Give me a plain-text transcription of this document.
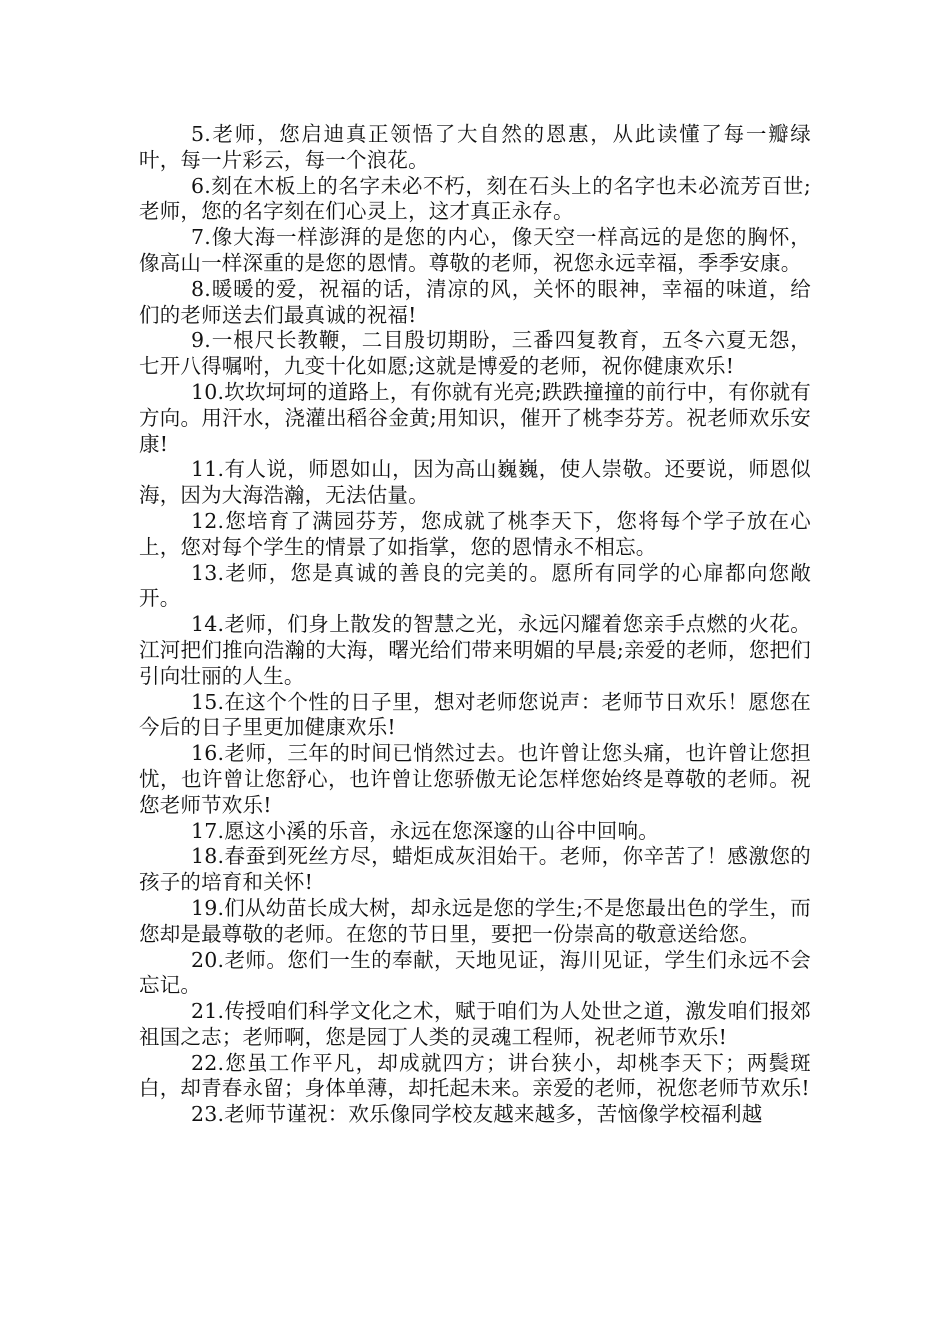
5.老师，您启迪真正领悟了大自然的恩惠，从此读懂了每一瓣绿叶，每一片彩云，每一个浪花。

6.刻在木板上的名字未必不朽，刻在石头上的名字也未必流芳百世;老师，您的名字刻在们心灵上，这才真正永存。

7.像大海一样澎湃的是您的内心，像天空一样高远的是您的胸怀，像高山一样深重的是您的恩情。尊敬的老师，祝您永远幸福，季季安康。

8.暖暖的爱，祝福的话，清凉的风，关怀的眼神，幸福的味道，给们的老师送去们最真诚的祝福!

9.一根尺长教鞭，二目殷切期盼，三番四复教育，五冬六夏无怨，七开八得嘱咐，九变十化如愿;这就是博爱的老师，祝你健康欢乐!

10.坎坎坷坷的道路上，有你就有光亮;跌跌撞撞的前行中，有你就有方向。用汗水，浇灌出稻谷金黄;用知识，催开了桃李芬芳。祝老师欢乐安康!

11.有人说，师恩如山，因为高山巍巍，使人崇敬。还要说，师恩似海，因为大海浩瀚，无法估量。

12.您培育了满园芬芳，您成就了桃李天下，您将每个学子放在心上，您对每个学生的情景了如指掌，您的恩情永不相忘。

13.老师，您是真诚的善良的完美的。愿所有同学的心扉都向您敞开。

14.老师，们身上散发的智慧之光，永远闪耀着您亲手点燃的火花。江河把们推向浩瀚的大海，曙光给们带来明媚的早晨;亲爱的老师，您把们引向壮丽的人生。

15.在这个个性的日子里，想对老师您说声：老师节日欢乐！愿您在今后的日子里更加健康欢乐!

16.老师，三年的时间已悄然过去。也许曾让您头痛，也许曾让您担忧，也许曾让您舒心，也许曾让您骄傲无论怎样您始终是尊敬的老师。祝您老师节欢乐!

17.愿这小溪的乐音，永远在您深邃的山谷中回响。

18.春蚕到死丝方尽，蜡炬成灰泪始干。老师，你辛苦了！感激您的孩子的培育和关怀!

19.们从幼苗长成大树，却永远是您的学生;不是您最出色的学生，而您却是最尊敬的老师。在您的节日里，要把一份崇高的敬意送给您。

20.老师。您们一生的奉献，天地见证，海川见证，学生们永远不会忘记。

21.传授咱们科学文化之术，赋于咱们为人处世之道，激发咱们报郊祖国之志；老师啊，您是园丁人类的灵魂工程师，祝老师节欢乐!

22.您虽工作平凡，却成就四方；讲台狭小，却桃李天下；两鬓斑白，却青春永留；身体单薄，却托起未来。亲爱的老师，祝您老师节欢乐!

23.老师节谨祝：欢乐像同学校友越来越多，苦恼像学校福利越
